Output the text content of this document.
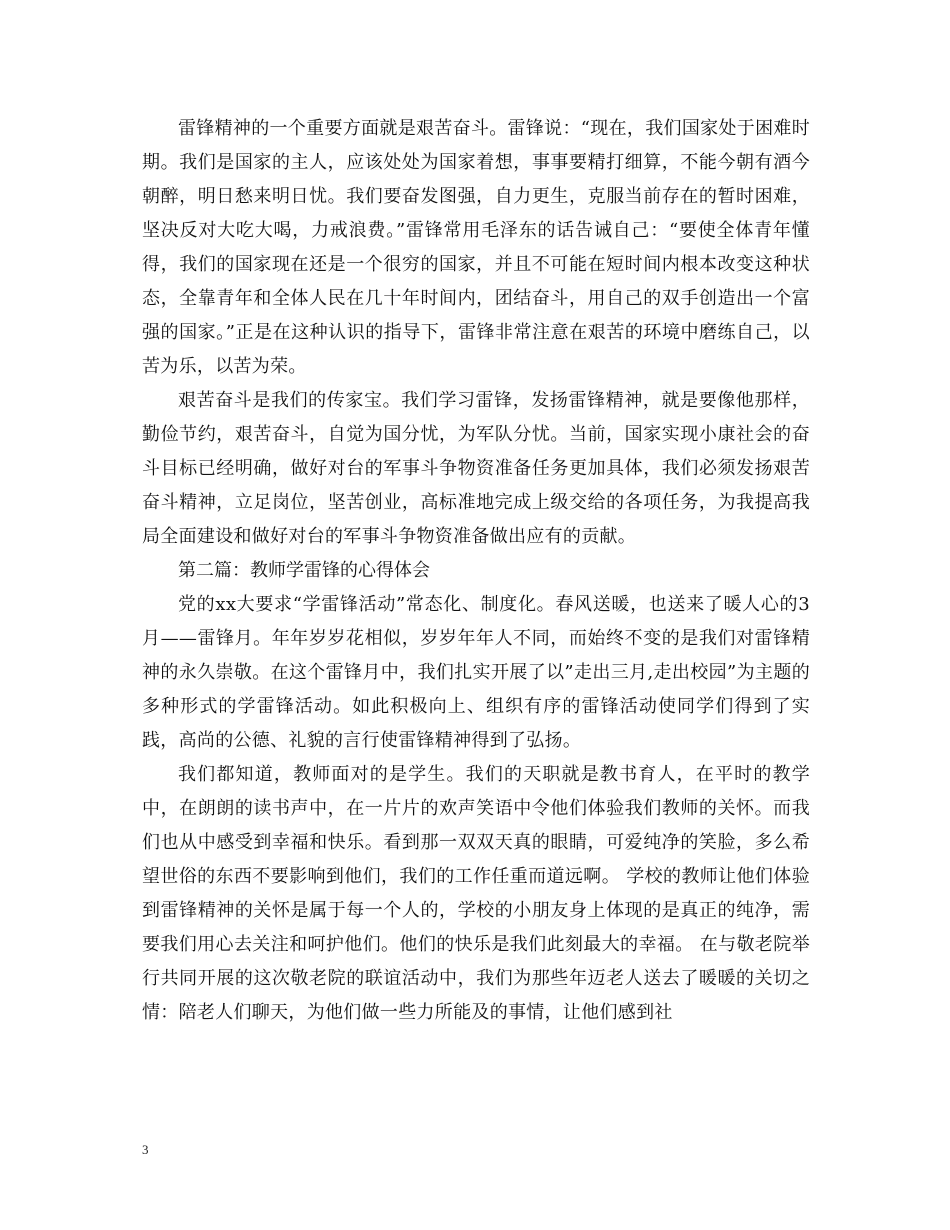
雷锋精神的一个重要方面就是艰苦奋斗。雷锋说：“现在，我们国家处于困难时期。我们是国家的主人，应该处处为国家着想，事事要精打细算，不能今朝有酒今朝醉，明日愁来明日忧。我们要奋发图强，自力更生，克服当前存在的暂时困难，坚决反对大吃大喝，力戒浪费。”雷锋常用毛泽东的话告诫自己：“要使全体青年懂得，我们的国家现在还是一个很穷的国家，并且不可能在短时间内根本改变这种状态，全靠青年和全体人民在几十年时间内，团结奋斗，用自己的双手创造出一个富强的国家。”正是在这种认识的指导下，雷锋非常注意在艰苦的环境中磨练自己，以苦为乐，以苦为荣。

艰苦奋斗是我们的传家宝。我们学习雷锋，发扬雷锋精神，就是要像他那样，勤俭节约，艰苦奋斗，自觉为国分忧，为军队分忧。当前，国家实现小康社会的奋斗目标已经明确，做好对台的军事斗争物资准备任务更加具体，我们必须发扬艰苦奋斗精神，立足岗位，坚苦创业，高标准地完成上级交给的各项任务，为我提高我局全面建设和做好对台的军事斗争物资准备做出应有的贡献。

第二篇：教师学雷锋的心得体会

党的xx大要求“学雷锋活动”常态化、制度化。春风送暖，也送来了暖人心的3月——雷锋月。年年岁岁花相似，岁岁年年人不同，而始终不变的是我们对雷锋精神的永久崇敬。在这个雷锋月中，我们扎实开展了以”走出三月,走出校园”为主题的多种形式的学雷锋活动。如此积极向上、组织有序的雷锋活动使同学们得到了实践，高尚的公德、礼貌的言行使雷锋精神得到了弘扬。

我们都知道，教师面对的是学生。我们的天职就是教书育人，在平时的教学中，在朗朗的读书声中，在一片片的欢声笑语中令他们体验我们教师的关怀。而我们也从中感受到幸福和快乐。看到那一双双天真的眼睛，可爱纯净的笑脸，多么希望世俗的东西不要影响到他们，我们的工作任重而道远啊。 学校的教师让他们体验到雷锋精神的关怀是属于每一个人的，学校的小朋友身上体现的是真正的纯净，需要我们用心去关注和呵护他们。他们的快乐是我们此刻最大的幸福。 在与敬老院举行共同开展的这次敬老院的联谊活动中，我们为那些年迈老人送去了暖暖的关切之情：陪老人们聊天，为他们做一些力所能及的事情，让他们感到社

3
